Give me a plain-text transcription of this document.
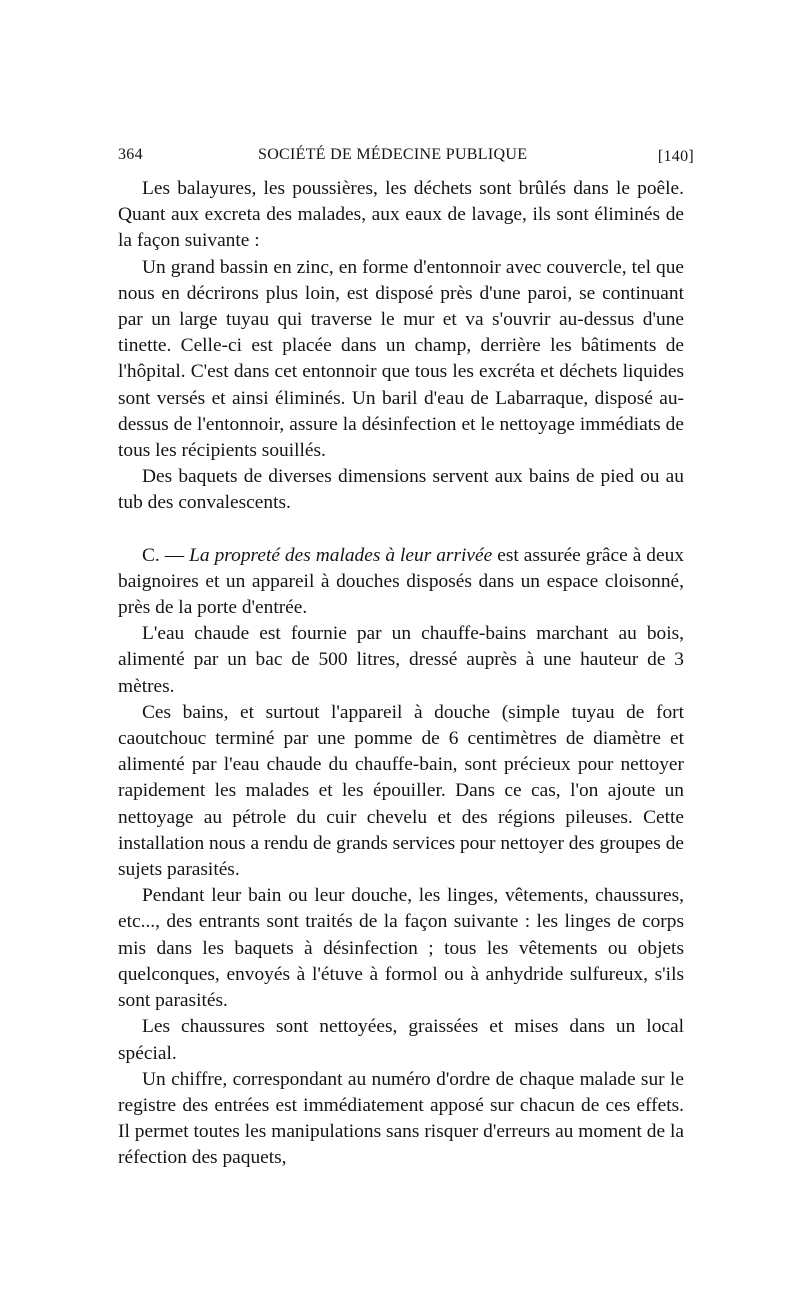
364	SOCIÉTÉ DE MÉDECINE PUBLIQUE	[140]

Les balayures, les poussières, les déchets sont brûlés dans le poêle. Quant aux excreta des malades, aux eaux de lavage, ils sont éliminés de la façon suivante :

Un grand bassin en zinc, en forme d'entonnoir avec couvercle, tel que nous en décrirons plus loin, est disposé près d'une paroi, se continuant par un large tuyau qui traverse le mur et va s'ouvrir au-dessus d'une tinette. Celle-ci est placée dans un champ, derrière les bâtiments de l'hôpital. C'est dans cet entonnoir que tous les excréta et déchets liquides sont versés et ainsi éliminés. Un baril d'eau de Labarraque, disposé au-dessus de l'entonnoir, assure la désinfection et le nettoyage immédiats de tous les récipients souillés.

Des baquets de diverses dimensions servent aux bains de pied ou au tub des convalescents.

C. — La propreté des malades à leur arrivée est assurée grâce à deux baignoires et un appareil à douches disposés dans un espace cloisonné, près de la porte d'entrée.

L'eau chaude est fournie par un chauffe-bains marchant au bois, alimenté par un bac de 500 litres, dressé auprès à une hauteur de 3 mètres.

Ces bains, et surtout l'appareil à douche (simple tuyau de fort caoutchouc terminé par une pomme de 6 centimètres de diamètre et alimenté par l'eau chaude du chauffe-bain, sont précieux pour nettoyer rapidement les malades et les épouiller. Dans ce cas, l'on ajoute un nettoyage au pétrole du cuir chevelu et des régions pileuses. Cette installation nous a rendu de grands services pour nettoyer des groupes de sujets parasités.

Pendant leur bain ou leur douche, les linges, vêtements, chaussures, etc..., des entrants sont traités de la façon suivante : les linges de corps mis dans les baquets à désinfection ; tous les vêtements ou objets quelconques, envoyés à l'étuve à formol ou à anhydride sulfureux, s'ils sont parasités.

Les chaussures sont nettoyées, graissées et mises dans un local spécial.

Un chiffre, correspondant au numéro d'ordre de chaque malade sur le registre des entrées est immédiatement apposé sur chacun de ces effets. Il permet toutes les manipulations sans risquer d'erreurs au moment de la réfection des paquets,
